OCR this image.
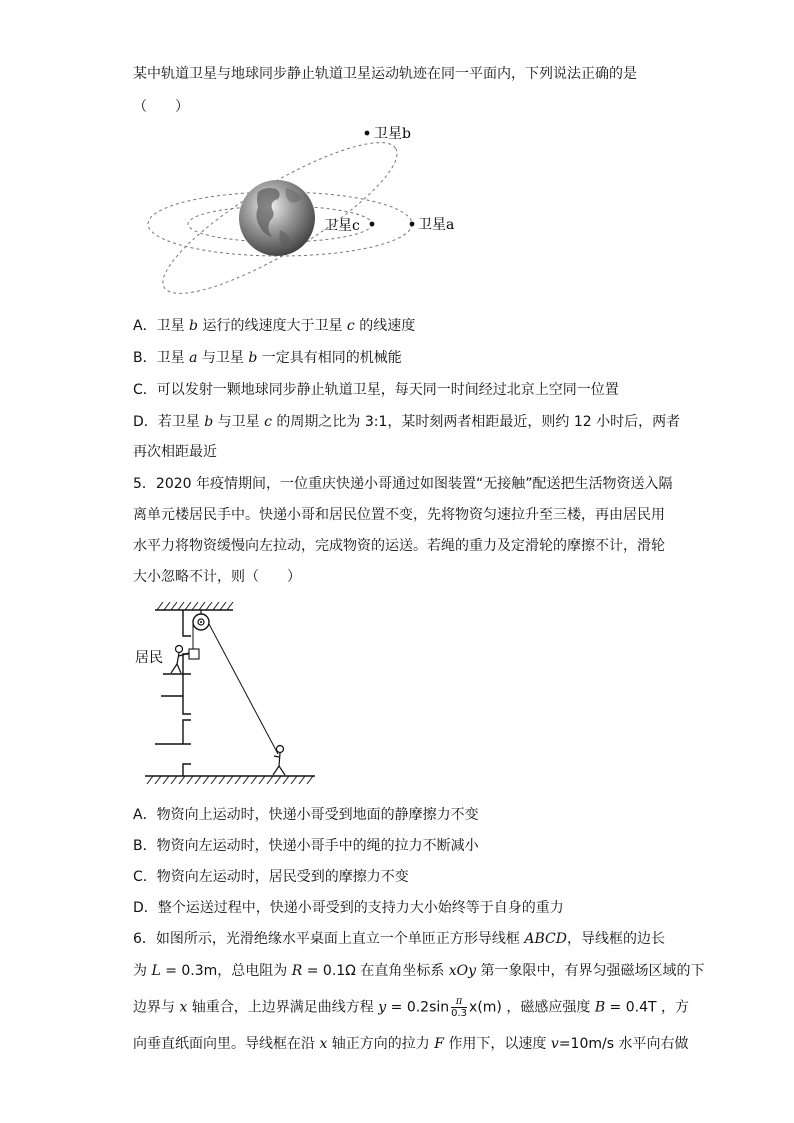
某中轨道卫星与地球同步静止轨道卫星运动轨迹在同一平面内，下列说法正确的是
（　　）
卫星b
卫星a
卫星c
A．卫星 b 运行的线速度大于卫星 c 的线速度
B．卫星 a 与卫星 b 一定具有相同的机械能
C．可以发射一颗地球同步静止轨道卫星，每天同一时间经过北京上空同一位置
D．若卫星 b 与卫星 c 的周期之比为 3:1，某时刻两者相距最近，则约 12 小时后，两者
再次相距最近
5．2020 年疫情期间，一位重庆快递小哥通过如图装置“无接触”配送把生活物资送入隔
离单元楼居民手中。快递小哥和居民位置不变，先将物资匀速拉升至三楼，再由居民用
水平力将物资缓慢向左拉动，完成物资的运送。若绳的重力及定滑轮的摩擦不计，滑轮
大小忽略不计，则（　　）
居民
A．物资向上运动时，快递小哥受到地面的静摩擦力不变
B．物资向左运动时，快递小哥手中的绳的拉力不断减小
C．物资向左运动时，居民受到的摩擦力不变
D．整个运送过程中，快递小哥受到的支持力大小始终等于自身的重力
6．如图所示，光滑绝缘水平桌面上直立一个单匝正方形导线框 ABCD，导线框的边长
为 L = 0.3m，总电阻为 R = 0.1Ω 在直角坐标系 xOy 第一象限中，有界匀强磁场区域的下
边界与 x 轴重合，上边界满足曲线方程 $y = 0.2\sin \frac{\pi}{0.3} x(m)$ ，磁感应强度 B = 0.4T ，方
向垂直纸面向里。导线框在沿 x 轴正方向的拉力 F 作用下，以速度 v=10m/s 水平向右做
